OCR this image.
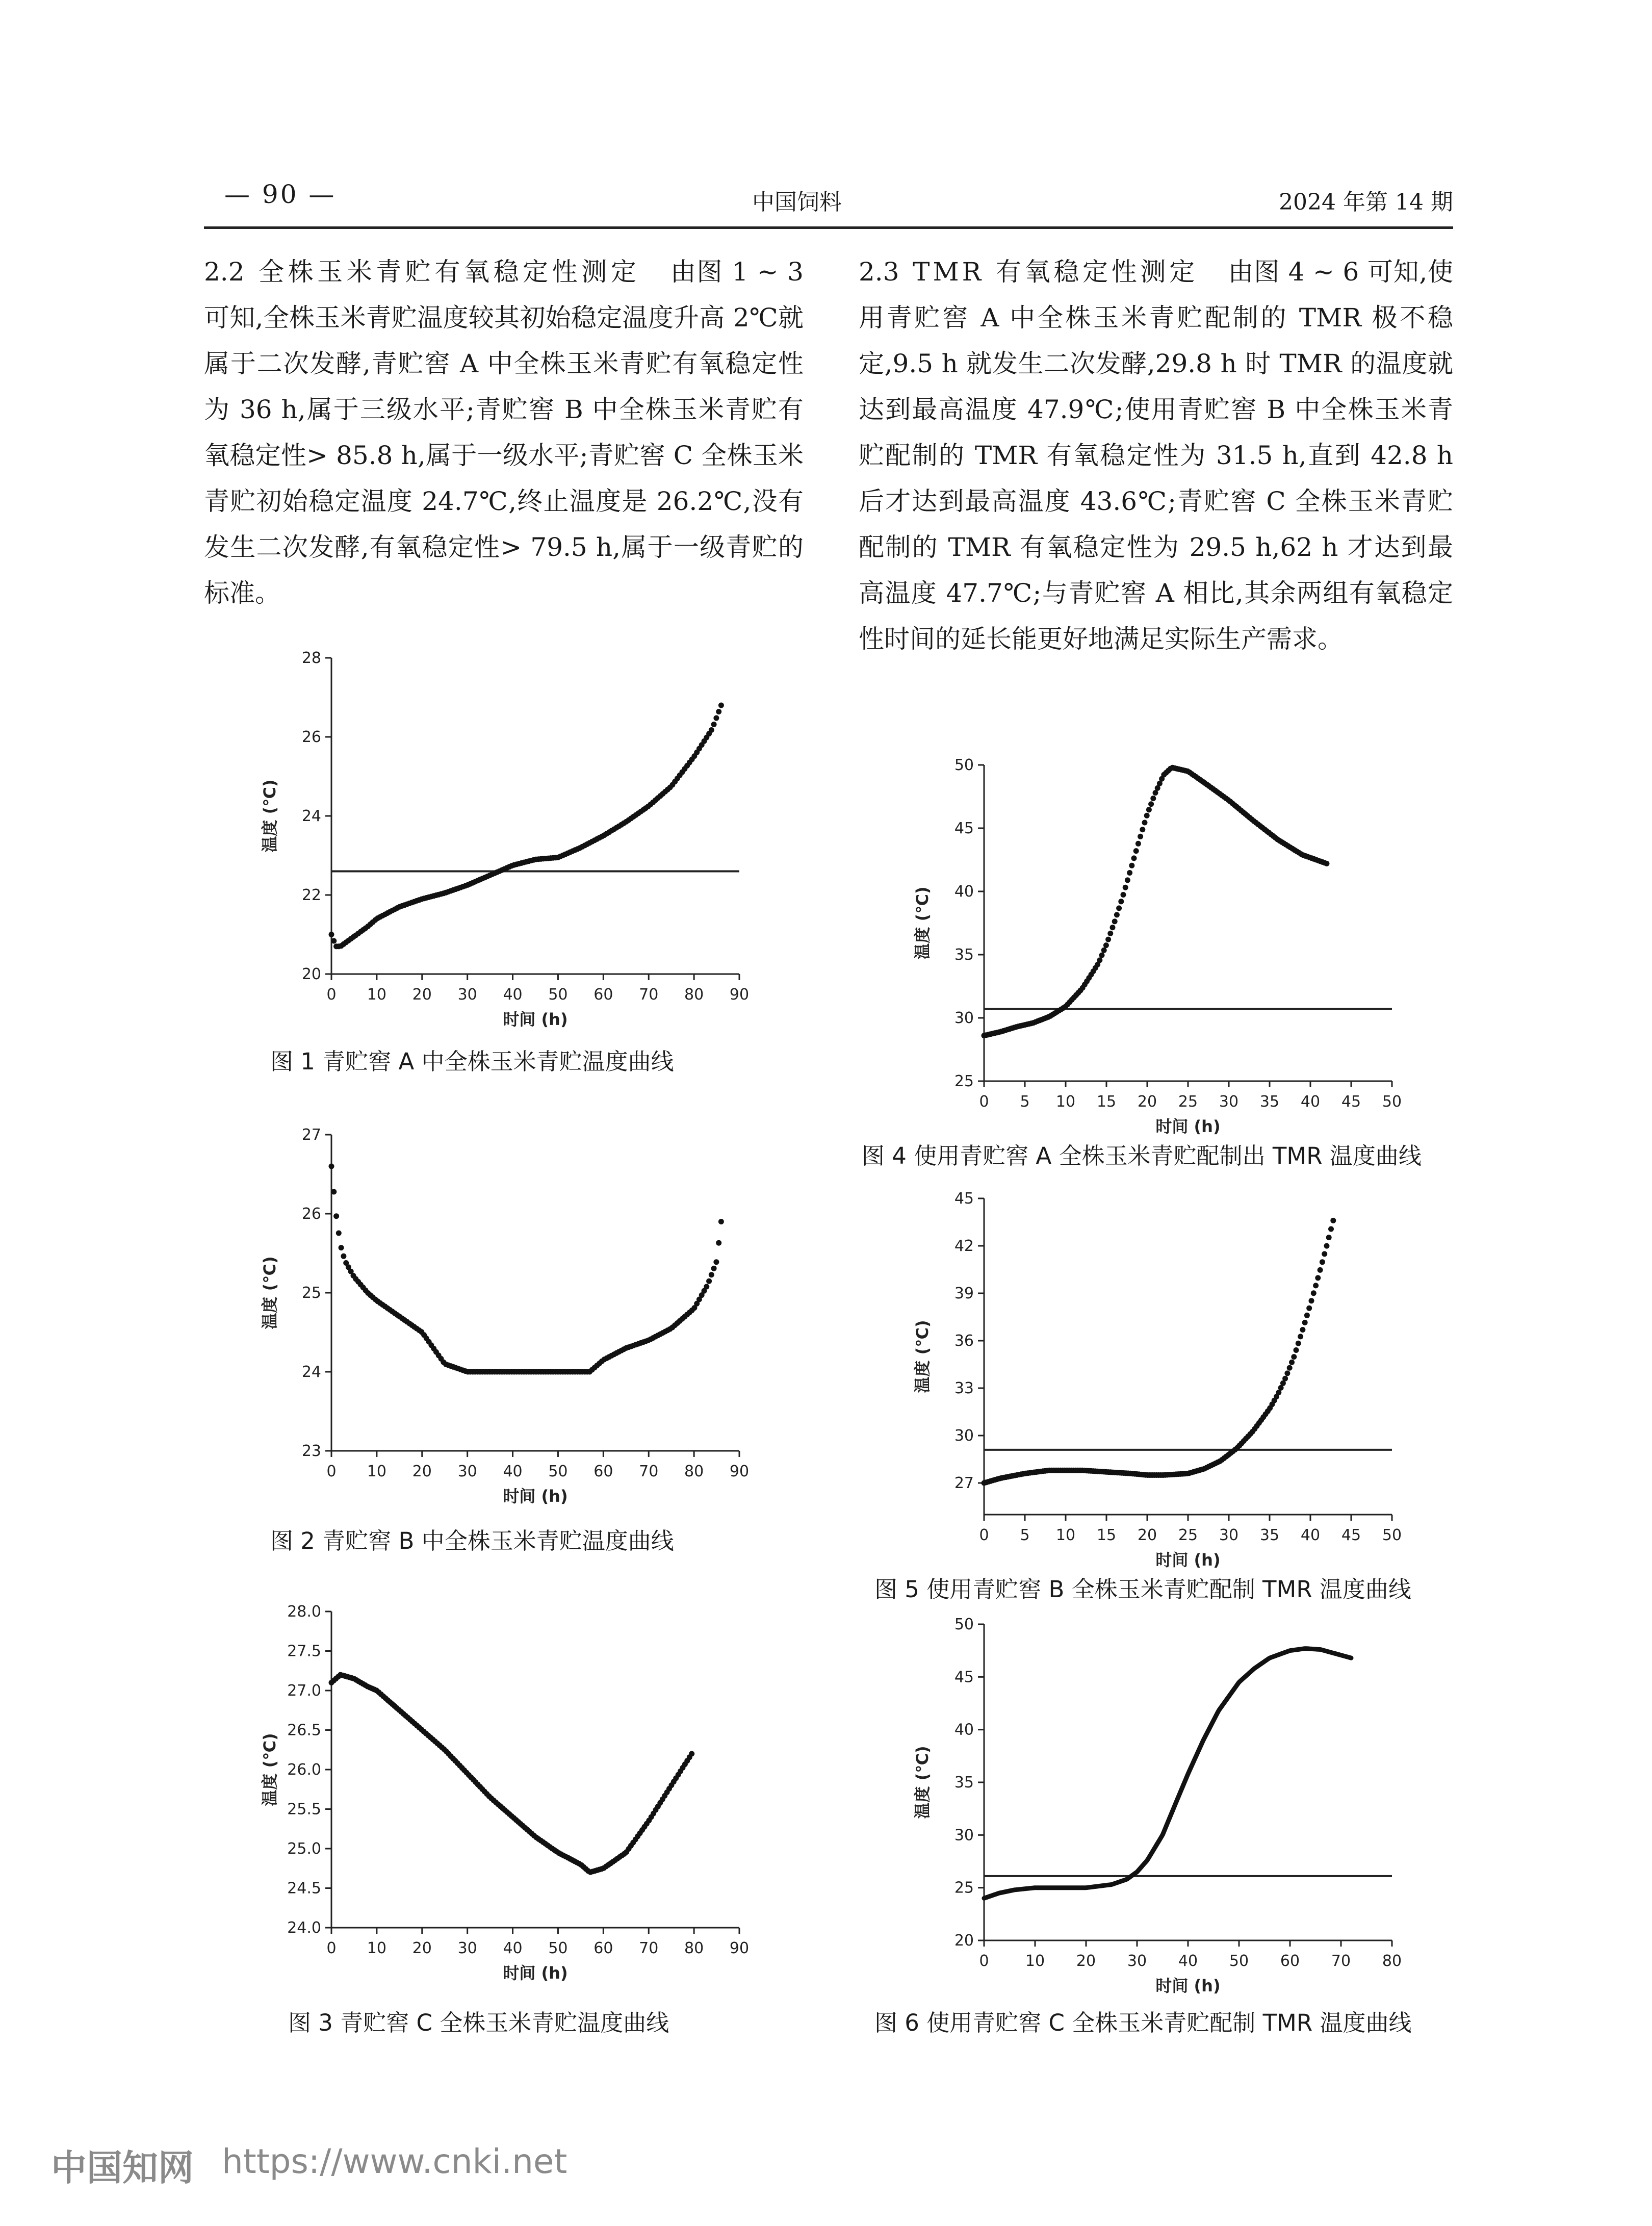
— 90 —	中国饲料	2024 年第 14 期

2.2 全株玉米青贮有氧稳定性测定 由图 1 ~ 3 可知,全株玉米青贮温度较其初始稳定温度升高 2℃就属于二次发酵,青贮窖 A 中全株玉米青贮有氧稳定性为 36 h,属于三级水平;青贮窖 B 中全株玉米青贮有氧稳定性> 85.8 h,属于一级水平;青贮窖 C 全株玉米青贮初始稳定温度 24.7℃,终止温度是 26.2℃,没有发生二次发酵,有氧稳定性> 79.5 h,属于一级青贮的标准。

2.3 TMR 有氧稳定性测定 由图 4 ~ 6 可知,使用青贮窖 A 中全株玉米青贮配制的 TMR 极不稳定,9.5 h 就发生二次发酵,29.8 h 时 TMR 的温度就达到最高温度 47.9℃;使用青贮窖 B 中全株玉米青贮配制的 TMR 有氧稳定性为 31.5 h,直到 42.8 h 后才达到最高温度 43.6℃;青贮窖 C 全株玉米青贮配制的 TMR 有氧稳定性为 29.5 h,62 h 才达到最高温度 47.7℃;与青贮窖 A 相比,其余两组有氧稳定性时间的延长能更好地满足实际生产需求。

0 10 20 30 40 50 60 70 80 90
20
22
24
26
28
时间 (h)
温度 (℃)
图 1 青贮窖 A 中全株玉米青贮温度曲线
0 10 20 30 40 50 60 70 80 90
23
24
25
26
27
时间 (h)
温度 (℃)
图 2 青贮窖 B 中全株玉米青贮温度曲线
0 10 20 30 40 50 60 70 80 90
24.0
24.5
25.0
25.5
26.0
26.5
27.0
27.5
28.0
时间 (h)
温度 (℃)
图 3 青贮窖 C 全株玉米青贮温度曲线
0 5 10 15 20 25 30 35 40 45 50
25
30
35
40
45
50
时间 (h)
温度 (℃)
图 4 使用青贮窖 A 全株玉米青贮配制出 TMR 温度曲线
0 5 10 15 20 25 30 35 40 45 50
27
30
33
36
39
42
45
时间 (h)
温度 (℃)
图 5 使用青贮窖 B 全株玉米青贮配制 TMR 温度曲线
0 10 20 30 40 50 60 70 80
20
25
30
35
40
45
50
时间 (h)
温度 (℃)
图 6 使用青贮窖 C 全株玉米青贮配制 TMR 温度曲线
中国知网 https://www.cnki.net
